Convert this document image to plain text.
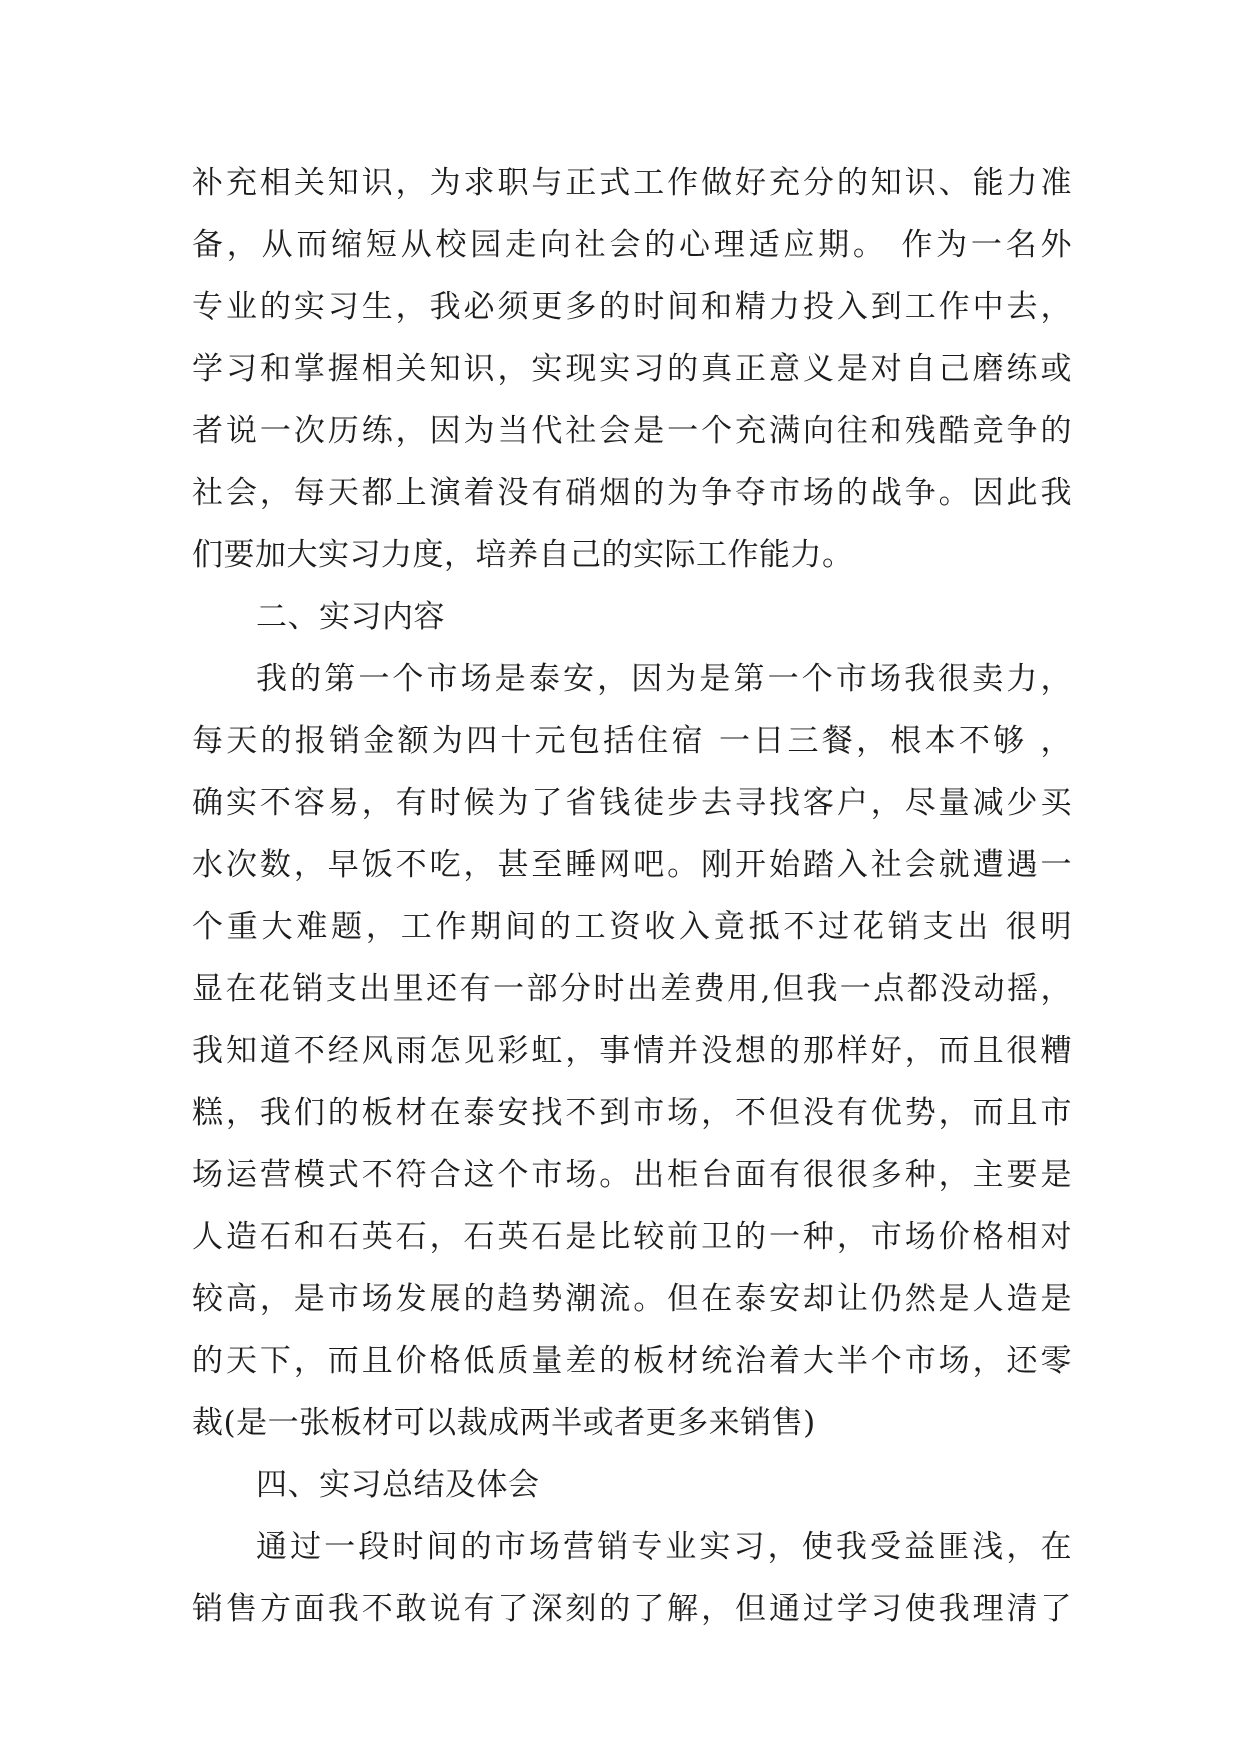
补充相关知识，为求职与正式工作做好充分的知识、能力准
备，从而缩短从校园走向社会的心理适应期。 作为一名外
专业的实习生，我必须更多的时间和精力投入到工作中去，
学习和掌握相关知识，实现实习的真正意义是对自己磨练或
者说一次历练，因为当代社会是一个充满向往和残酷竞争的
社会，每天都上演着没有硝烟的为争夺市场的战争。因此我
们要加大实习力度，培养自己的实际工作能力。
二、实习内容
我的第一个市场是泰安，因为是第一个市场我很卖力，
每天的报销金额为四十元包括住宿 一日三餐，根本不够 ，
确实不容易，有时候为了省钱徒步去寻找客户，尽量减少买
水次数，早饭不吃，甚至睡网吧。刚开始踏入社会就遭遇一
个重大难题，工作期间的工资收入竟抵不过花销支出 很明
显在花销支出里还有一部分时出差费用,但我一点都没动摇，
我知道不经风雨怎见彩虹，事情并没想的那样好，而且很糟
糕，我们的板材在泰安找不到市场，不但没有优势，而且市
场运营模式不符合这个市场。出柜台面有很很多种，主要是
人造石和石英石，石英石是比较前卫的一种，市场价格相对
较高，是市场发展的趋势潮流。但在泰安却让仍然是人造是
的天下，而且价格低质量差的板材统治着大半个市场，还零
裁(是一张板材可以裁成两半或者更多来销售)
四、实习总结及体会
通过一段时间的市场营销专业实习，使我受益匪浅，在
销售方面我不敢说有了深刻的了解，但通过学习使我理清了
